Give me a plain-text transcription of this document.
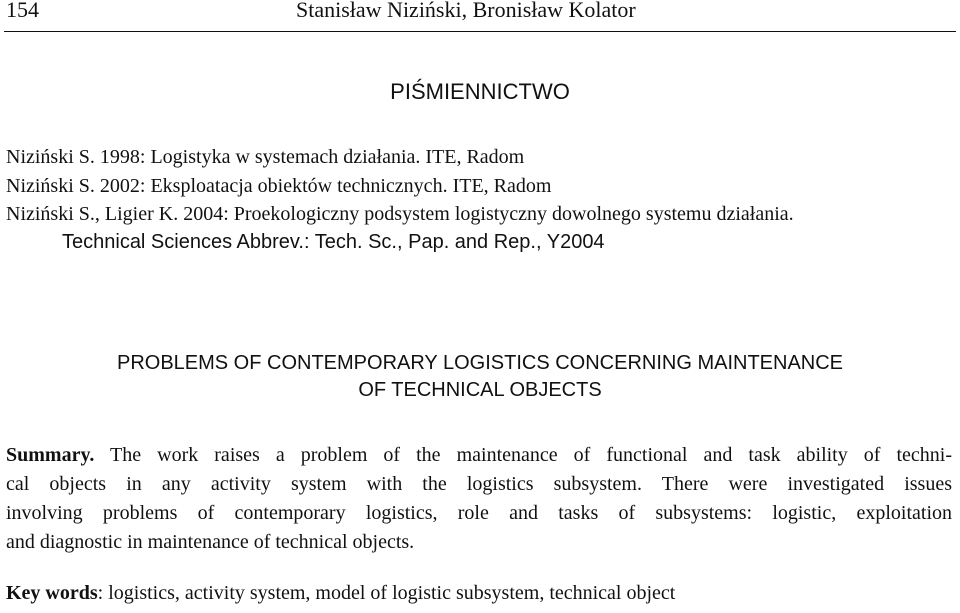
154	Stanisław Niziński, Bronisław Kolator
PIŚMIENNICTWO
Niziński S. 1998: Logistyka w systemach działania. ITE, Radom
Niziński S. 2002: Eksploatacja obiektów technicznych. ITE, Radom
Niziński S., Ligier K. 2004: Proekologiczny podsystem logistyczny dowolnego systemu działania.
Technical Sciences Abbrev.: Tech. Sc., Pap. and Rep., Y2004
PROBLEMS OF CONTEMPORARY LOGISTICS CONCERNING MAINTENANCE
OF TECHNICAL OBJECTS
Summary. The work raises a problem of the maintenance of functional and task ability of techni-
cal objects in any activity system with the logistics subsystem. There were investigated issues
involving problems of contemporary logistics, role and tasks of subsystems: logistic, exploitation
and diagnostic in maintenance of technical objects.
Key words: logistics, activity system, model of logistic subsystem, technical object
